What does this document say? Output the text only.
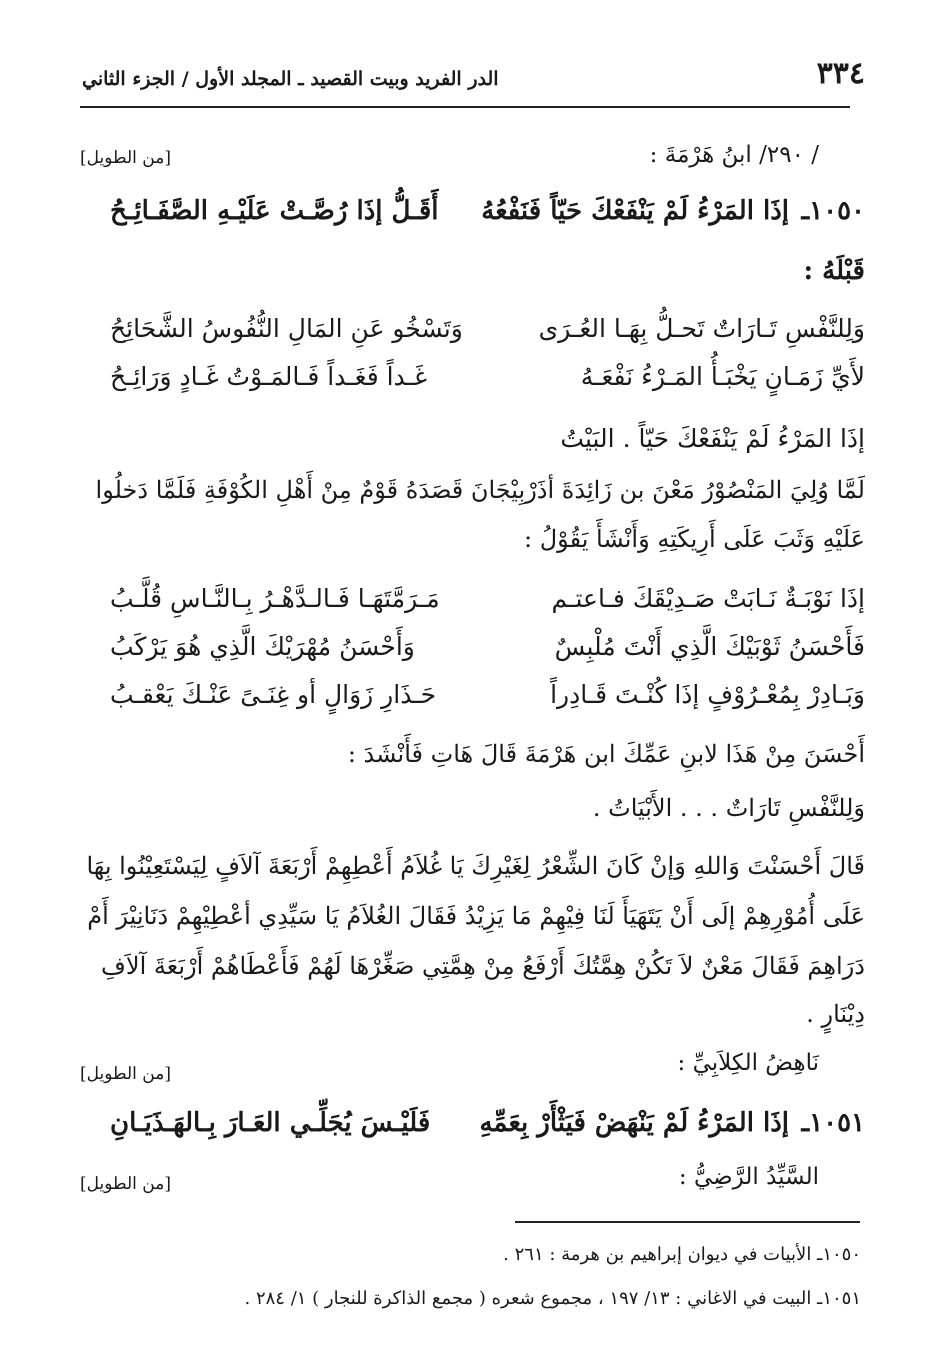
٣٣٤
الدر الفريد وبيت القصيد ـ المجلد الأول / الجزء الثاني
/ ٢٩٠/ ابنُ هَرْمَةَ :
[من الطويل]
١٠٥٠ـ
إذَا المَرْءُ لَمْ يَنْفَعْكَ حَيّاً فَنَفْعُهُ
أَقَـلُّ إذَا رُصَّـتْ عَلَيْـهِ الصَّفَـائِـحُ
قَبْلَهُ :
وَلِلنَّفْسِ تَـارَاتٌ تَحـلُّ بِهَـا العُـرَى
وَتَسْخُو عَنِ المَالِ النُّفُوسُ الشَّحَائِحُ
لأَيِّ زَمَـانٍ يَخْبَـأُ المَـرْءُ نَفْعَـهُ
غَـداً فَغَـداً فَـالمَـوْتُ غَـادٍ وَرَائِـحُ
إذَا المَرْءُ لَمْ يَنْفَعْكَ حَيّاً . البَيْتُ
لَمَّا وُلِيَ المَنْصُوْرُ مَعْنَ بن زَائِدَةَ أذَرْبِيْجَانَ قَصَدَهُ قَوْمٌ مِنْ أَهْلِ الكُوْفَةِ فَلَمَّا دَخلُوا
عَلَيْهِ وَثَبَ عَلَى أَرِيكَتِهِ وَأَنْشَأَ يَقُوْلُ :
إذَا نَوْبَـةٌ نَـابَتْ صَـدِيْقَكَ فـاعتـم
مَـرَمَّتَهَـا فَـالـدَّهْـرُ بِـالنَّـاسِ قُلَّـبُ
فَأَحْسَنُ ثَوْبَيْكَ الَّذِي أَنْتَ مُلْبِسٌ
وَأَحْسَنُ مُهْرَيْكَ الَّذِي هُوَ يَرْكَبُ
وَبَـادِرْ بِمُعْـرُوْفٍ إذَا كُنْـتَ قَـادِراً
حَـذَارِ زَوَالٍ أو غِنَـىً عَنْـكَ يَعْقـبُ
أَحْسَنَ مِنْ هَذَا لابنِ عَمِّكَ ابن هَرْمَةَ قَالَ هَاتِ فَأَنْشَدَ :
وَلِلنَّفْسِ تَارَاتٌ . . . الأَبْيَاتُ .
قَالَ أَحْسَنْتَ وَاللهِ وَإنْ كَانَ الشِّعْرُ لِغَيْرِكَ يَا غُلاَمُ أَعْطِهِمْ أَرْبَعَةَ آلاَفٍ لِيَسْتَعِيْنُوا بِهَا
عَلَى أُمُوْرِهِمْ إلَى أَنْ يَتَهَيَأَ لَنَا فِيْهِمْ مَا يَزِيْدُ فَقَالَ الغُلاَمُ يَا سَيِّدِي أعْطِيْهِمْ دَنَانِيْرَ أَمْ
دَرَاهِمَ فَقَالَ مَعْنٌ لاَ تَكُنْ هِمَّتُكَ أَرْفَعُ مِنْ هِمَّتِي صَغِّرْهَا لَهُمْ فَأَعْطَاهُمْ أَرْبَعَةَ آلاَفِ
دِيْنَارٍ .
نَاهِضُ الكِلاَبِيِّ :
[من الطويل]
١٠٥١ـ
إذَا المَرْءُ لَمْ يَنْهَضْ فَيَثْأَرْ بِعَمِّهِ
فَلَيْـسَ يُجَلِّـي العَـارَ بِـالهَـذَيَـانِ
السَّيِّدُ الرَّضِيُّ :
[من الطويل]
١٠٥٠ـ الأبيات في ديوان إبراهيم بن هرمة : ٢٦١ .
١٠٥١ـ البيت في الاغاني : ١٣/ ١٩٧ ، مجموع شعره ( مجمع الذاكرة للنجار ) ١/ ٢٨٤ .
